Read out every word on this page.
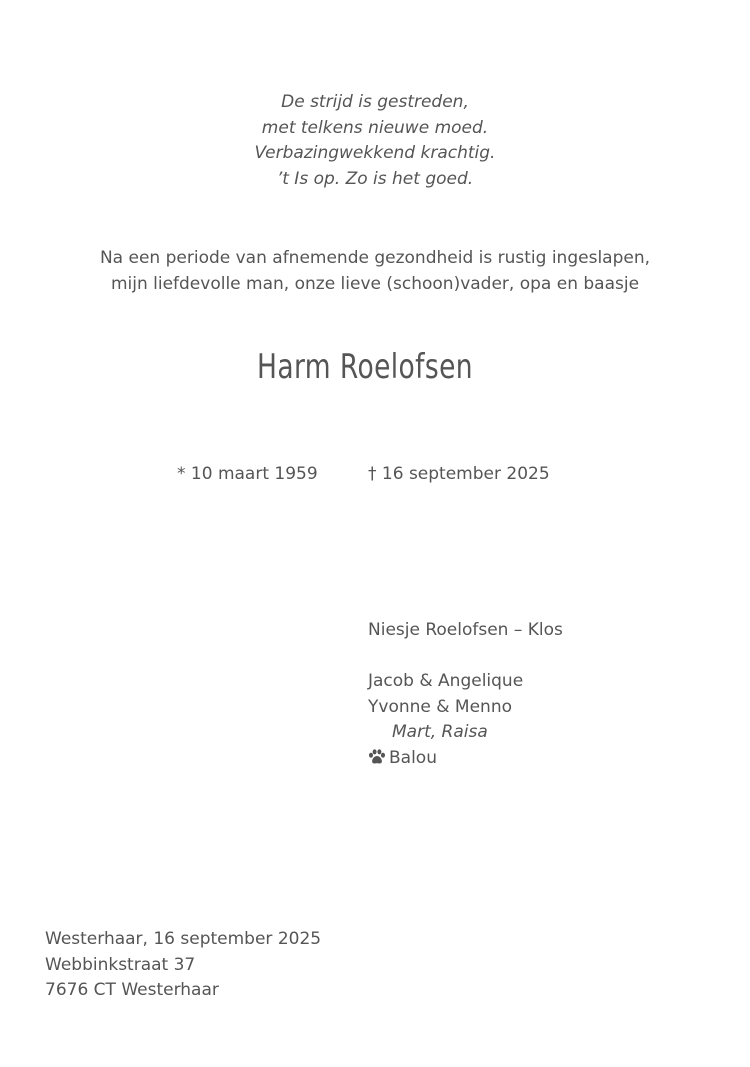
De strijd is gestreden,
met telkens nieuwe moed.
Verbazingwekkend krachtig.
’t Is op. Zo is het goed.
Na een periode van afnemende gezondheid is rustig ingeslapen,
mijn liefdevolle man, onze lieve (schoon)vader, opa en baasje
Harm Roelofsen
* 10 maart 1959	† 16 september 2025
Niesje Roelofsen – Klos
Jacob & Angelique
Yvonne & Menno
Mart, Raisa
Balou
Westerhaar, 16 september 2025
Webbinkstraat 37
7676 CT Westerhaar
